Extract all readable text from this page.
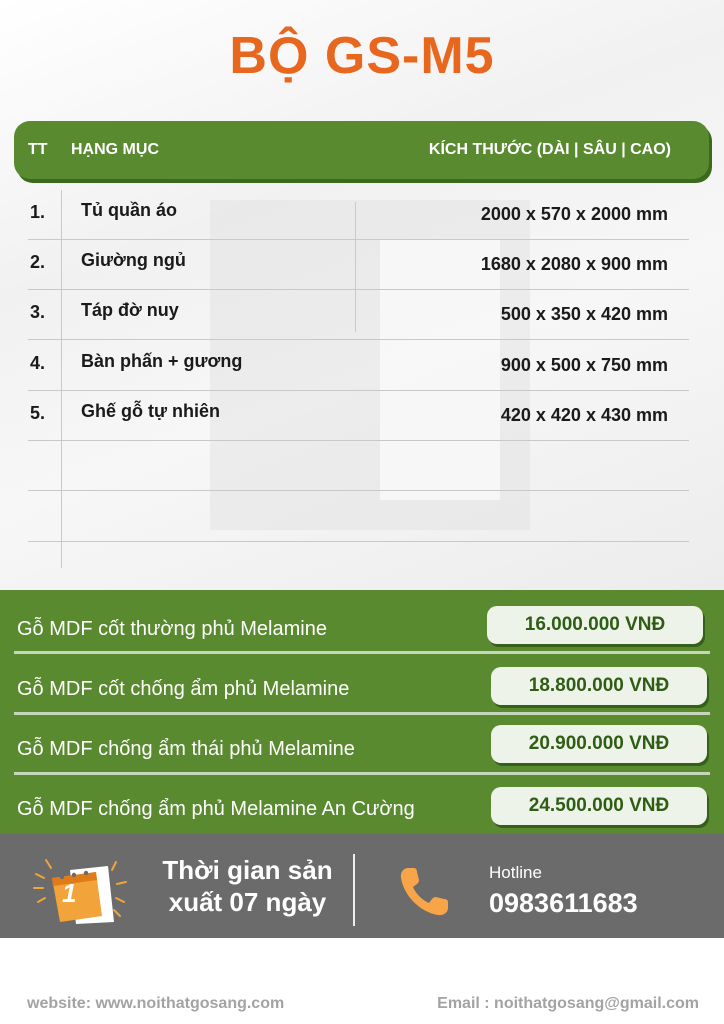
BỘ GS-M5
TT HẠNG MỤC	KÍCH THƯỚC (DÀI | SÂU | CAO)
1. Tủ quần áo	2000 x 570 x 2000 mm
2. Giường ngủ	1680 x 2080 x 900 mm
3. Táp đờ nuy	500 x 350 x 420 mm
4. Bàn phấn + gương	900 x 500 x 750 mm
5. Ghế gỗ tự nhiên	420 x 420 x 430 mm
Gỗ MDF cốt thường phủ Melamine	16.000.000 VNĐ
Gỗ MDF cốt chống ẩm phủ Melamine	18.800.000 VNĐ
Gỗ MDF chống ẩm thái phủ Melamine	20.900.000 VNĐ
Gỗ MDF chống ẩm phủ Melamine An Cường	24.500.000 VNĐ
1
Thời gian sản
xuất 07 ngày
Hotline
0983611683
website: www.noithatgosang.com	Email : noithatgosang@gmail.com
